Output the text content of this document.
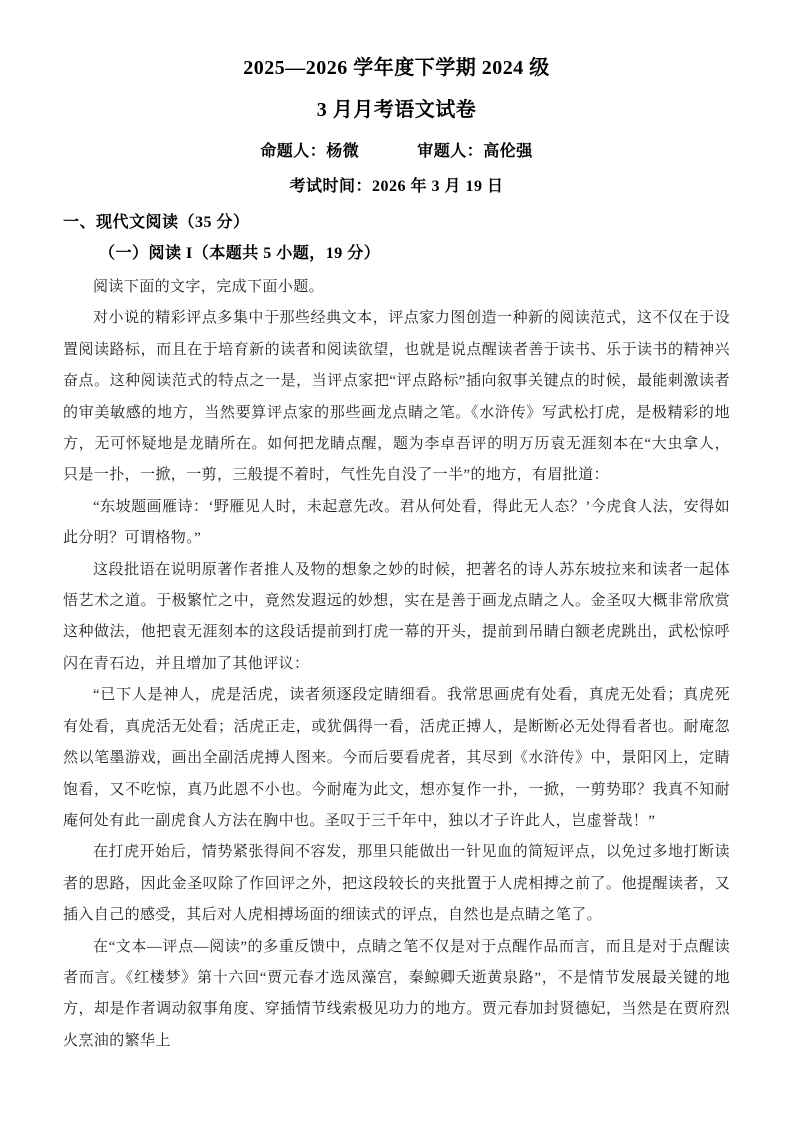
2025—2026 学年度下学期 2024 级
3 月月考语文试卷
命题人：杨微	审题人：高伦强
考试时间：2026 年 3 月 19 日
一、现代文阅读（35 分）
（一）阅读 I（本题共 5 小题，19 分）

阅读下面的文字，完成下面小题。

对小说的精彩评点多集中于那些经典文本，评点家力图创造一种新的阅读范式，这不仅在于设置阅读路标，而且在于培育新的读者和阅读欲望，也就是说点醒读者善于读书、乐于读书的精神兴奋点。这种阅读范式的特点之一是，当评点家把“评点路标”插向叙事关键点的时候，最能刺激读者的审美敏感的地方，当然要算评点家的那些画龙点睛之笔。《水浒传》写武松打虎，是极精彩的地方，无可怀疑地是龙睛所在。如何把龙睛点醒，题为李卓吾评的明万历袁无涯刻本在“大虫拿人，只是一扑，一掀，一剪，三般提不着时，气性先自没了一半”的地方，有眉批道：

“东坡题画雁诗：‘野雁见人时，未起意先改。君从何处看，得此无人态？’今虎食人法，安得如此分明？可谓格物。”

这段批语在说明原著作者推人及物的想象之妙的时候，把著名的诗人苏东坡拉来和读者一起体悟艺术之道。于极繁忙之中，竟然发遐远的妙想，实在是善于画龙点睛之人。金圣叹大概非常欣赏这种做法，他把袁无涯刻本的这段话提前到打虎一幕的开头，提前到吊睛白额老虎跳出，武松惊呼闪在青石边，并且增加了其他评议：

“已下人是神人，虎是活虎，读者须逐段定睛细看。我常思画虎有处看，真虎无处看；真虎死有处看，真虎活无处看；活虎正走，或犹偶得一看，活虎正搏人，是断断必无处得看者也。耐庵忽然以笔墨游戏，画出全副活虎搏人图来。今而后要看虎者，其尽到《水浒传》中，景阳冈上，定睛饱看，又不吃惊，真乃此恩不小也。今耐庵为此文，想亦复作一扑，一掀，一剪势耶？我真不知耐庵何处有此一副虎食人方法在胸中也。圣叹于三千年中，独以才子许此人，岂虚誉哉！”

在打虎开始后，情势紧张得间不容发，那里只能做出一针见血的简短评点，以免过多地打断读者的思路，因此金圣叹除了作回评之外，把这段较长的夹批置于人虎相搏之前了。他提醒读者，又插入自己的感受，其后对人虎相搏场面的细读式的评点，自然也是点睛之笔了。

在“文本—评点—阅读”的多重反馈中，点睛之笔不仅是对于点醒作品而言，而且是对于点醒读者而言。《红楼梦》第十六回“贾元春才选凤藻宫，秦鲸卿夭逝黄泉路”，不是情节发展最关键的地方，却是作者调动叙事角度、穿插情节线索极见功力的地方。贾元春加封贤德妃，当然是在贾府烈火烹油的繁华上
